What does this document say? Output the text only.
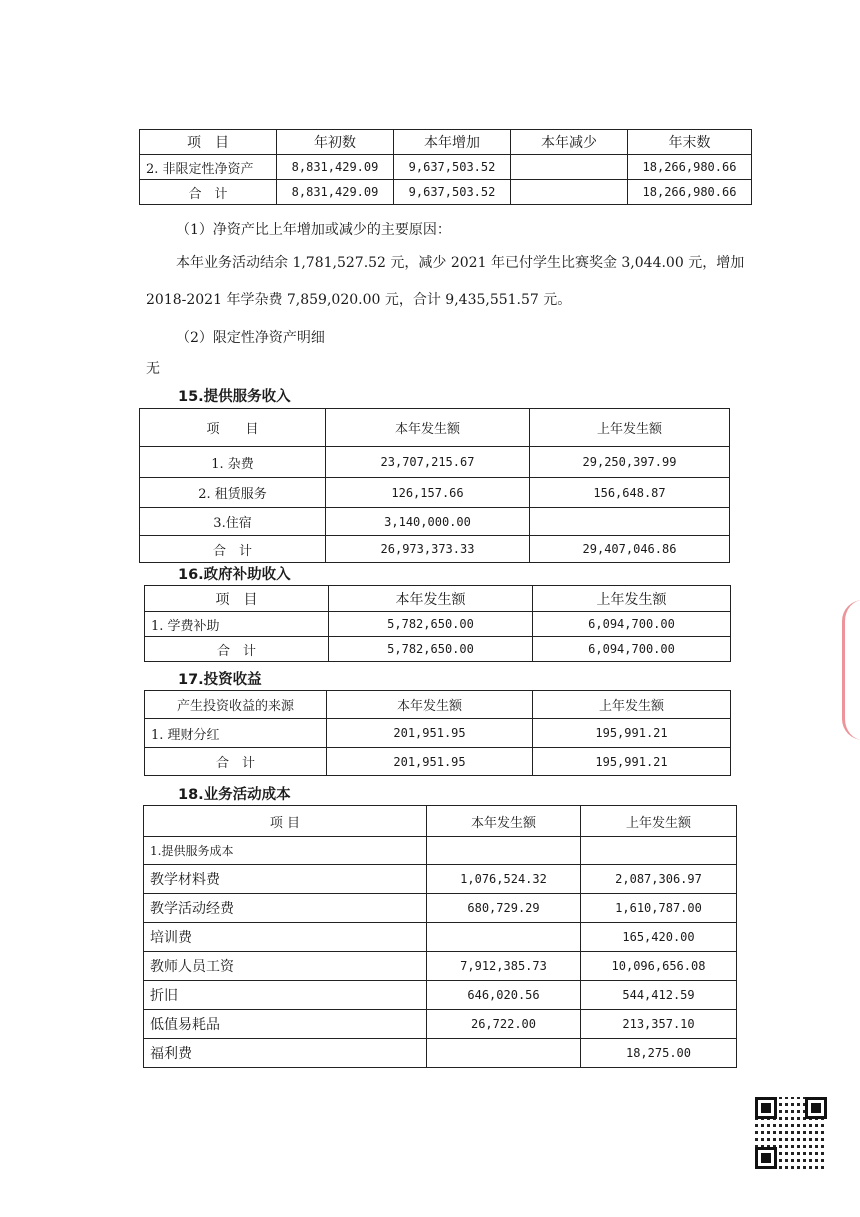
项　目	年初数	本年增加	本年减少	年末数
2. 非限定性净资产	8,831,429.09	9,637,503.52		18,266,980.66
合　计	8,831,429.09	9,637,503.52		18,266,980.66
（1）净资产比上年增加或减少的主要原因：
本年业务活动结余 1,781,527.52 元，减少 2021 年已付学生比赛奖金 3,044.00 元，增加
2018-2021 年学杂费 7,859,020.00 元，合计 9,435,551.57 元。
（2）限定性净资产明细
无
15.提供服务收入
项　　目	本年发生额	上年发生额
1. 杂费	23,707,215.67	29,250,397.99
2. 租赁服务	126,157.66	156,648.87
3.住宿	3,140,000.00	
合　计	26,973,373.33	29,407,046.86
16.政府补助收入
项　目	本年发生额	上年发生额
1. 学费补助	5,782,650.00	6,094,700.00
合　计	5,782,650.00	6,094,700.00
17.投资收益
产生投资收益的来源	本年发生额	上年发生额
1. 理财分红	201,951.95	195,991.21
合　计	201,951.95	195,991.21
18.业务活动成本
项 目	本年发生额	上年发生额
1.提供服务成本		
教学材料费	1,076,524.32	2,087,306.97
教学活动经费	680,729.29	1,610,787.00
培训费		165,420.00
教师人员工资	7,912,385.73	10,096,656.08
折旧	646,020.56	544,412.59
低值易耗品	26,722.00	213,357.10
福利费		18,275.00
